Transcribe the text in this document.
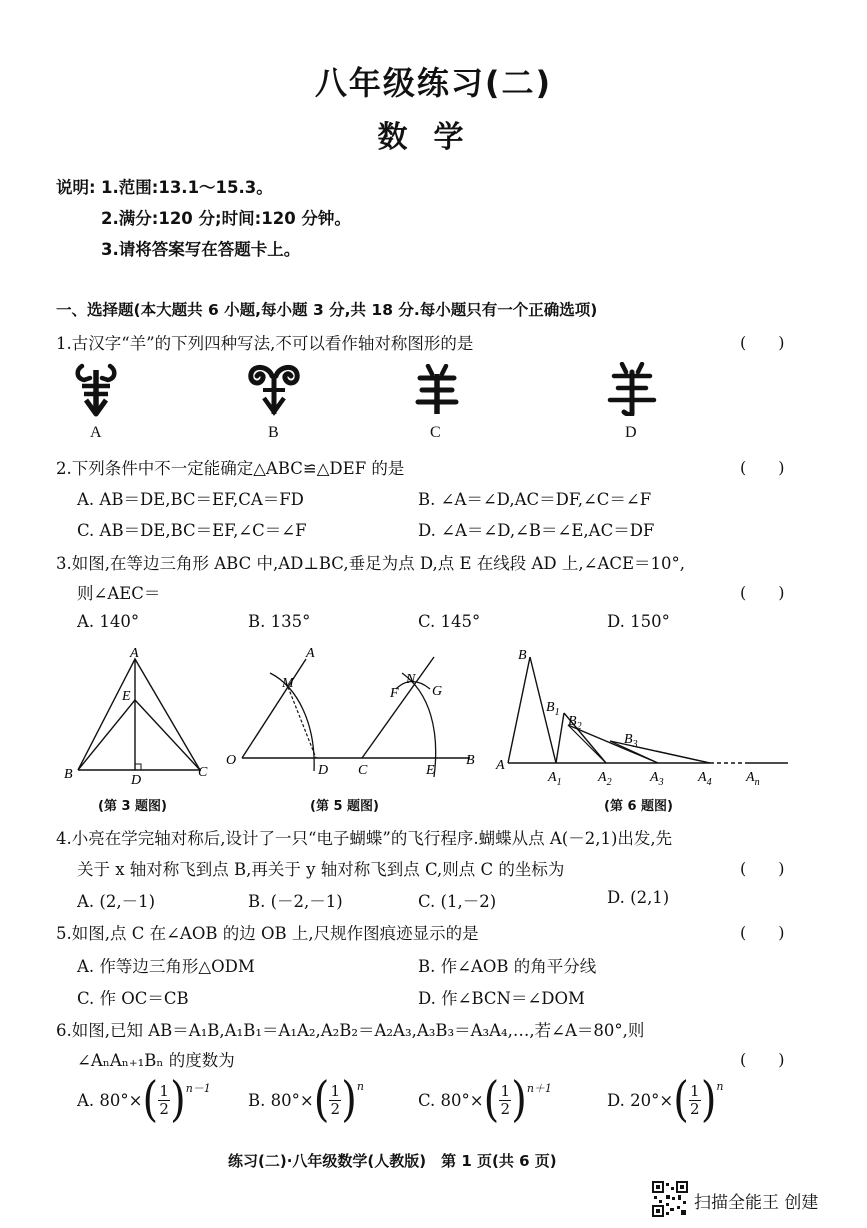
八年级练习(二)
数学
说明: 1.范围:13.1～15.3。
2.满分:120 分;时间:120 分钟。
3.请将答案写在答题卡上。
一、选择题(本大题共 6 小题,每小题 3 分,共 18 分.每小题只有一个正确选项)
1.古汉字“羊”的下列四种写法,不可以看作轴对称图形的是	(　　)
A	B	C	D
2.下列条件中不一定能确定△ABC≌△DEF 的是	(　　)
A. AB＝DE,BC＝EF,CA＝FD	B. ∠A＝∠D,AC＝DF,∠C＝∠F
C. AB＝DE,BC＝EF,∠C＝∠F	D. ∠A＝∠D,∠B＝∠E,AC＝DF
3.如图,在等边三角形 ABC 中,AD⊥BC,垂足为点 D,点 E 在线段 AD 上,∠ACE＝10°,
则∠AEC＝	(　　)
A. 140°	B. 135°	C. 145°	D. 150°
A
E
B	D
C
(第 3 题图)
A
M	N
F G
O
D C	E
B
(第 5 题图)
B
$B_1$
$B_2$
$B_3$
A
$A_1$	$A_2$	$A_3$ $A_4$ $A_n$
(第 6 题图)
4.小亮在学完轴对称后,设计了一只“电子蝴蝶”的飞行程序.蝴蝶从点 A(－2,1)出发,先
关于 x 轴对称飞到点 B,再关于 y 轴对称飞到点 C,则点 C 的坐标为	(　　)
A. (2,－1)	B. (－2,－1)	C. (1,－2)	D. (2,1)
5.如图,点 C 在∠AOB 的边 OB 上,尺规作图痕迹显示的是	(　　)
A. 作等边三角形△ODM	B. 作∠AOB 的角平分线
C. 作 OC＝CB	D. 作∠BCN＝∠DOM
6.如图,已知 AB＝A₁B,A₁B₁＝A₁A₂,A₂B₂＝A₂A₃,A₃B₃＝A₃A₄,…,若∠A＝80°,则
∠AₙAₙ₊₁Bₙ 的度数为	(　　)
A. 80°× ( 1
2 )$^{n-1}$
B. 80°× ( 1
2 )$^n$
C. 80°× ( 1
2 )$^{n+1}$
D. 20°× ( 1
2 )$^n$
练习(二)·八年级数学(人教版)　第 1 页(共 6 页)
扫描全能王 创建
